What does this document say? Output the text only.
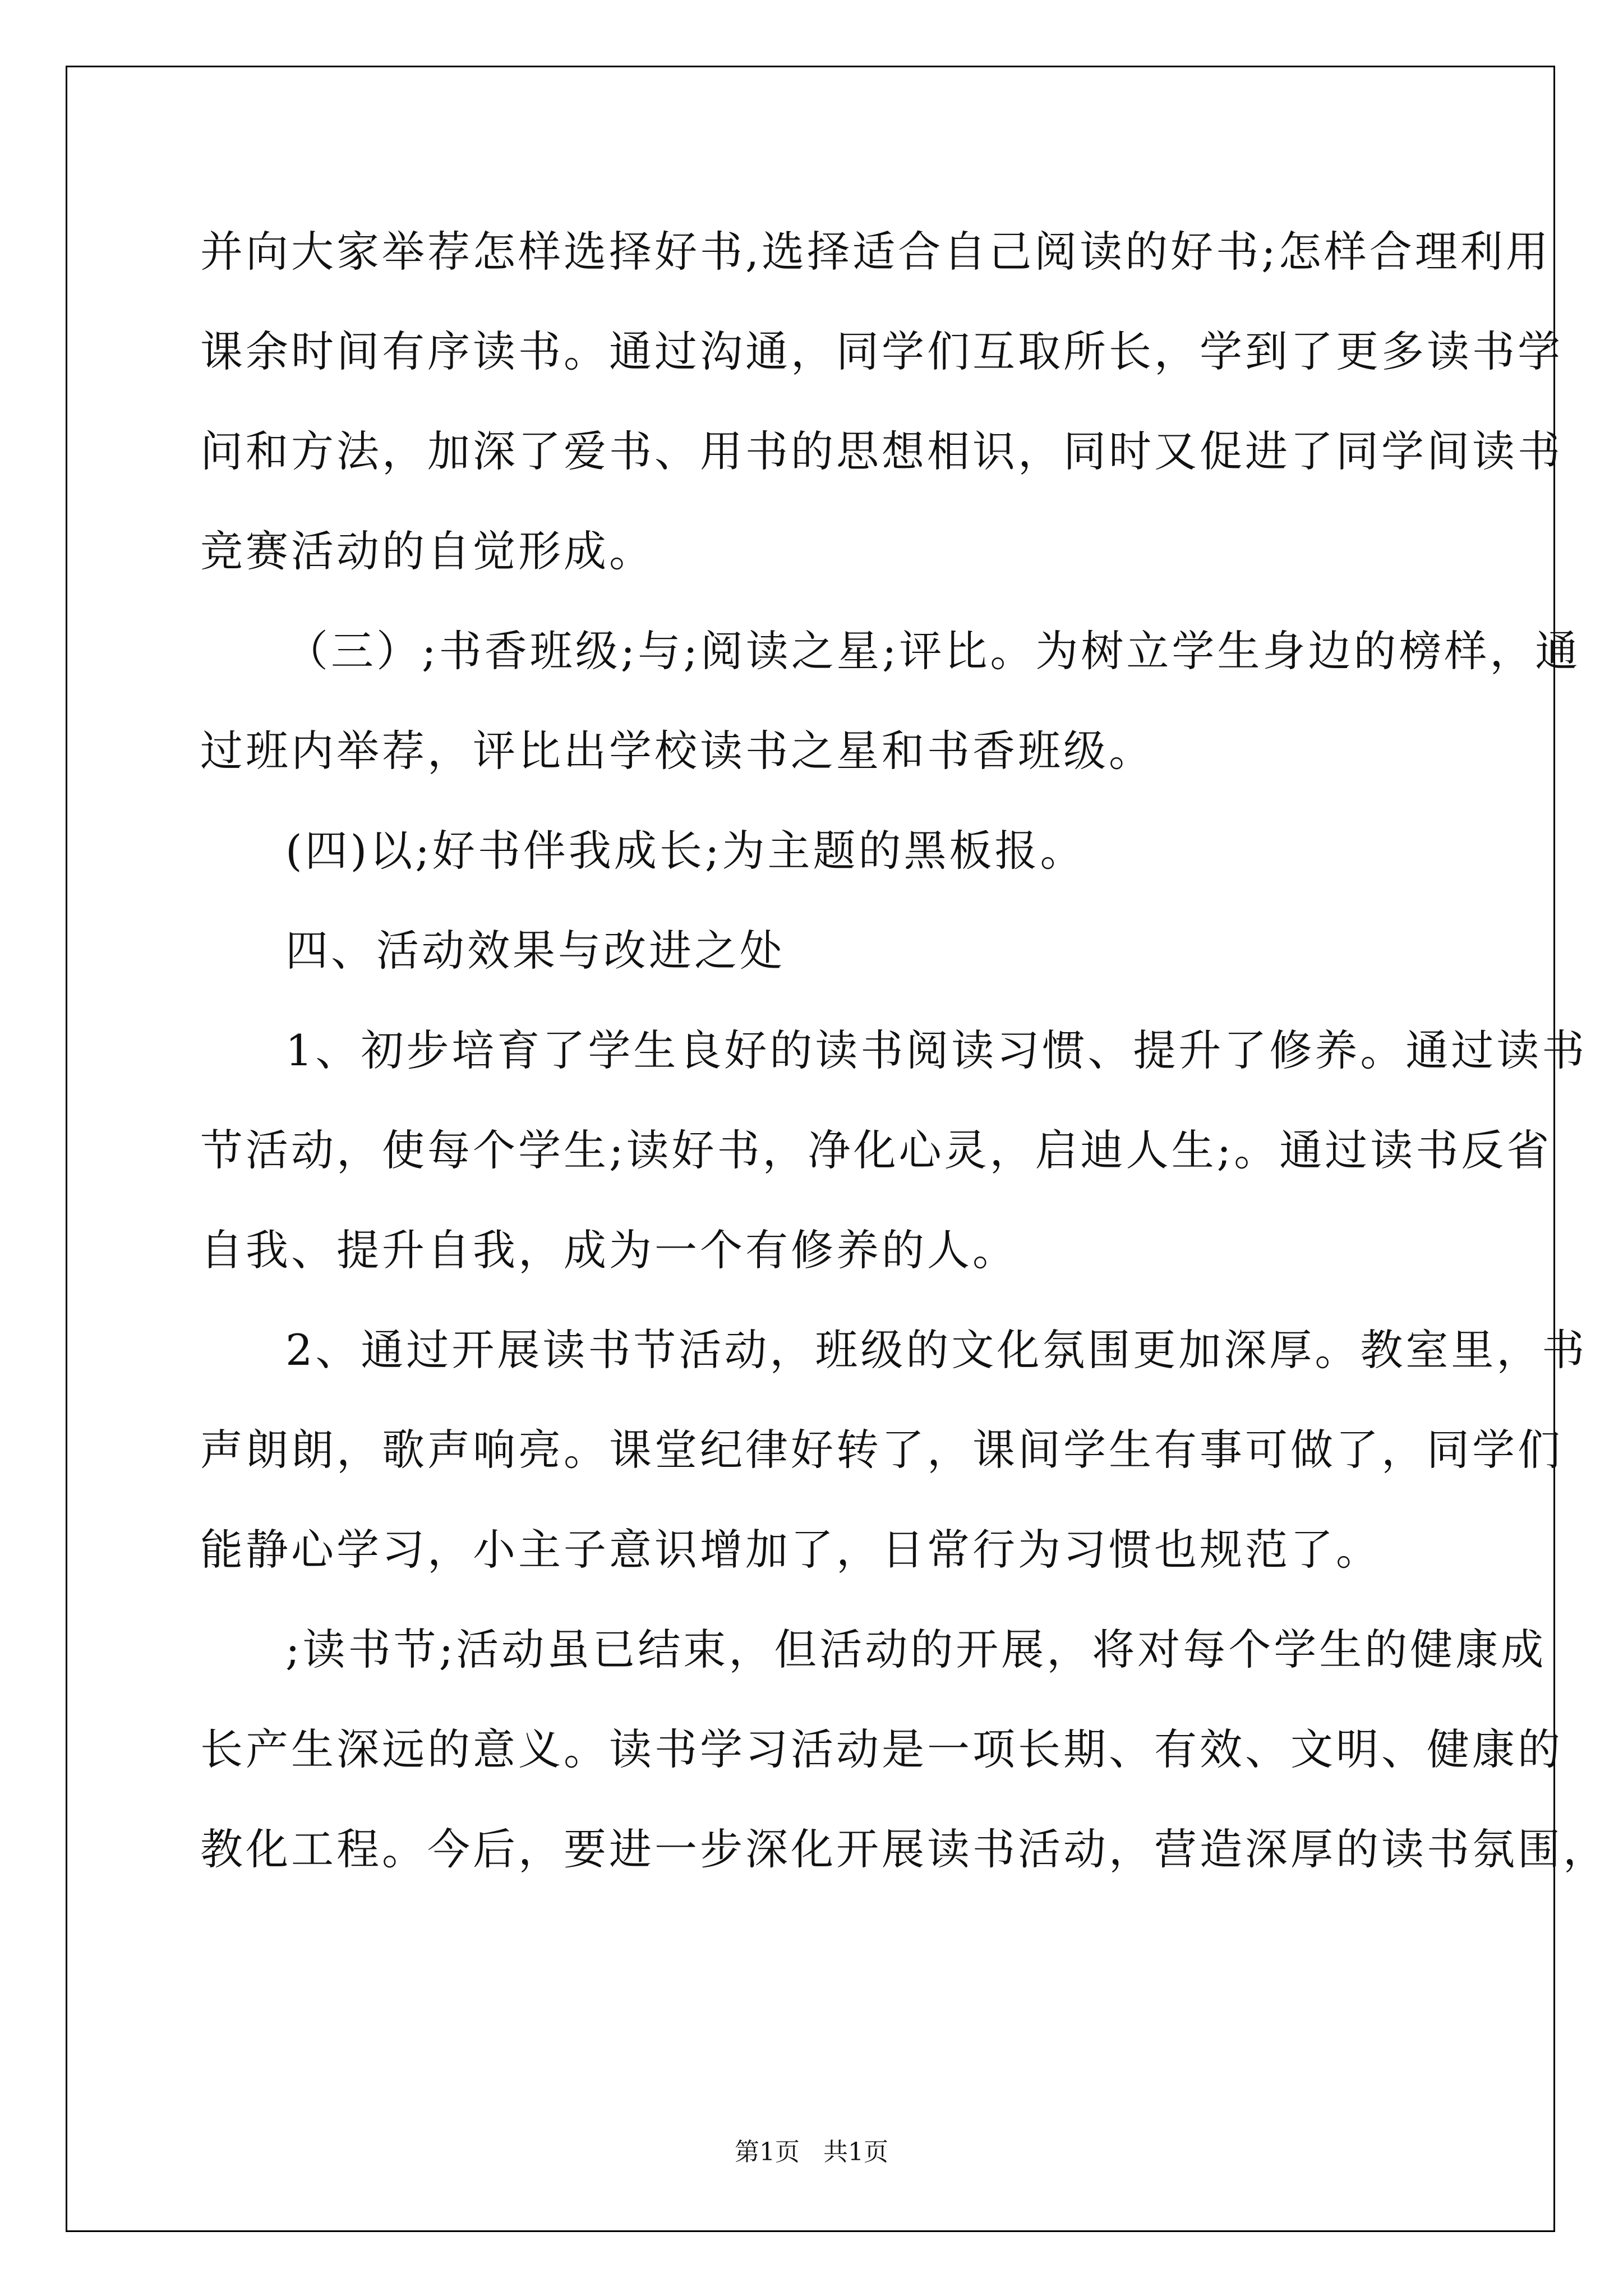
并向大家举荐怎样选择好书,选择适合自己阅读的好书;怎样合理利用
课余时间有序读书。通过沟通，同学们互取所长，学到了更多读书学
问和方法，加深了爱书、用书的思想相识，同时又促进了同学间读书
竞赛活动的自觉形成。
（三）;书香班级;与;阅读之星;评比。为树立学生身边的榜样，通
过班内举荐，评比出学校读书之星和书香班级。
(四)以;好书伴我成长;为主题的黑板报。
四、活动效果与改进之处
1、初步培育了学生良好的读书阅读习惯、提升了修养。通过读书
节活动，使每个学生;读好书，净化心灵，启迪人生;。通过读书反省
自我、提升自我，成为一个有修养的人。
2、通过开展读书节活动，班级的文化氛围更加深厚。教室里，书
声朗朗，歌声响亮。课堂纪律好转了，课间学生有事可做了，同学们
能静心学习，小主子意识增加了，日常行为习惯也规范了。
;读书节;活动虽已结束，但活动的开展，将对每个学生的健康成
长产生深远的意义。读书学习活动是一项长期、有效、文明、健康的
教化工程。今后，要进一步深化开展读书活动，营造深厚的读书氛围，
第1页   共1页
